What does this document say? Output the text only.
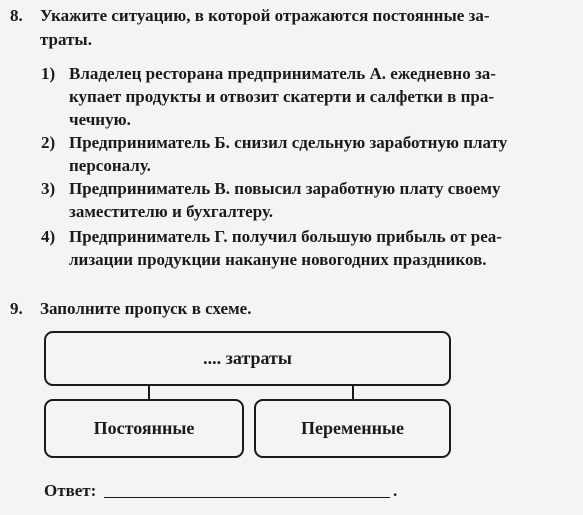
8. Укажите ситуацию, в которой отражаются постоянные за-
траты.
1) Владелец ресторана предприниматель А. ежедневно за-
купает продукты и отвозит скатерти и салфетки в пра-
чечную.
2) Предприниматель Б. снизил сдельную заработную плату
персоналу.
3) Предприниматель В. повысил заработную плату своему
заместителю и бухгалтеру.
4) Предприниматель Г. получил большую прибыль от реа-
лизации продукции накануне новогодних праздников.
9. Заполните пропуск в схеме.
.... затраты
Постоянные	Переменные
Ответ:	.
